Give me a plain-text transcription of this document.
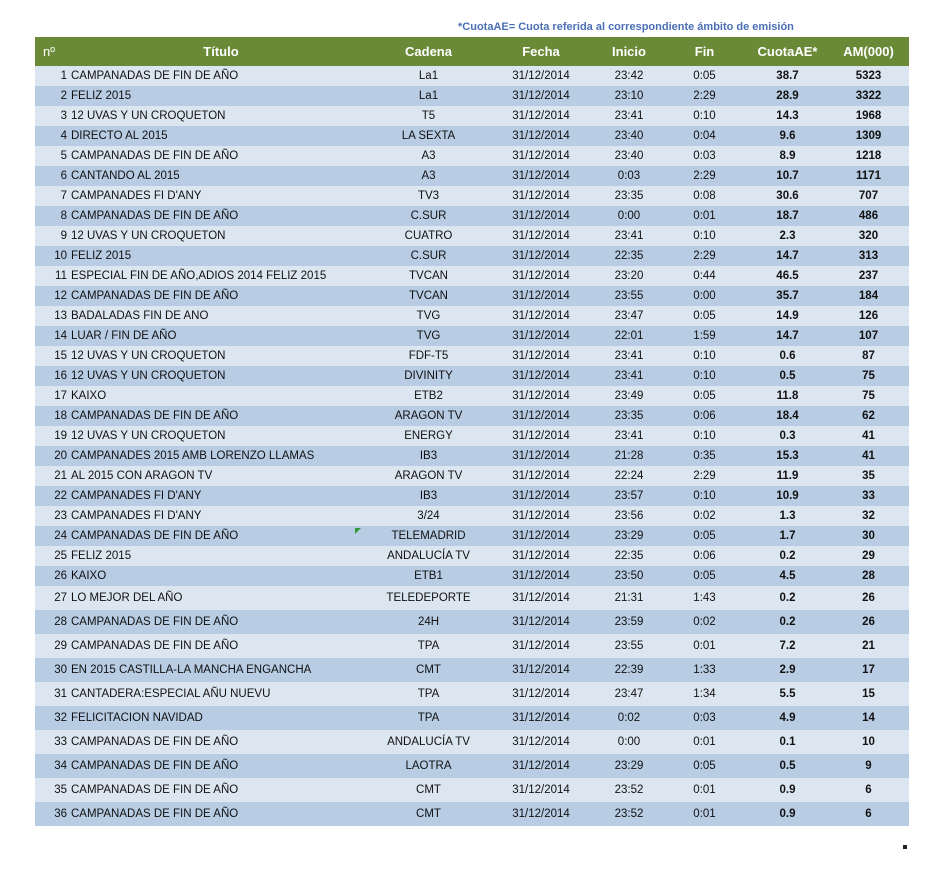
*CuotaAE= Cuota referida al correspondiente ámbito de emisión
nº	Título	Cadena	Fecha	Inicio	Fin	CuotaAE*	AM(000)
1	CAMPANADAS DE FIN DE AÑO	La1	31/12/2014	23:42	0:05	38.7	5323
2	FELIZ 2015	La1	31/12/2014	23:10	2:29	28.9	3322
3	12 UVAS Y UN CROQUETON	T5	31/12/2014	23:41	0:10	14.3	1968
4	DIRECTO AL 2015	LA SEXTA	31/12/2014	23:40	0:04	9.6	1309
5	CAMPANADAS DE FIN DE AÑO	A3	31/12/2014	23:40	0:03	8.9	1218
6	CANTANDO AL 2015	A3	31/12/2014	0:03	2:29	10.7	1171
7	CAMPANADES FI D'ANY	TV3	31/12/2014	23:35	0:08	30.6	707
8	CAMPANADAS DE FIN DE AÑO	C.SUR	31/12/2014	0:00	0:01	18.7	486
9	12 UVAS Y UN CROQUETON	CUATRO	31/12/2014	23:41	0:10	2.3	320
10	FELIZ 2015	C.SUR	31/12/2014	22:35	2:29	14.7	313
11	ESPECIAL FIN DE AÑO,ADIOS 2014 FELIZ 2015	TVCAN	31/12/2014	23:20	0:44	46.5	237
12	CAMPANADAS DE FIN DE AÑO	TVCAN	31/12/2014	23:55	0:00	35.7	184
13	BADALADAS FIN DE ANO	TVG	31/12/2014	23:47	0:05	14.9	126
14	LUAR / FIN DE AÑO	TVG	31/12/2014	22:01	1:59	14.7	107
15	12 UVAS Y UN CROQUETON	FDF-T5	31/12/2014	23:41	0:10	0.6	87
16	12 UVAS Y UN CROQUETON	DIVINITY	31/12/2014	23:41	0:10	0.5	75
17	KAIXO	ETB2	31/12/2014	23:49	0:05	11.8	75
18	CAMPANADAS DE FIN DE AÑO	ARAGON TV	31/12/2014	23:35	0:06	18.4	62
19	12 UVAS Y UN CROQUETON	ENERGY	31/12/2014	23:41	0:10	0.3	41
20	CAMPANADES 2015 AMB LORENZO LLAMAS	IB3	31/12/2014	21:28	0:35	15.3	41
21	AL 2015 CON ARAGON TV	ARAGON TV	31/12/2014	22:24	2:29	11.9	35
22	CAMPANADES FI D'ANY	IB3	31/12/2014	23:57	0:10	10.9	33
23	CAMPANADES FI D'ANY	3/24	31/12/2014	23:56	0:02	1.3	32
24	CAMPANADAS DE FIN DE AÑO	TELEMADRID	31/12/2014	23:29	0:05	1.7	30
25	FELIZ 2015	ANDALUCÍA TV	31/12/2014	22:35	0:06	0.2	29
26	KAIXO	ETB1	31/12/2014	23:50	0:05	4.5	28
27	LO MEJOR DEL AÑO	TELEDEPORTE	31/12/2014	21:31	1:43	0.2	26
28	CAMPANADAS DE FIN DE AÑO	24H	31/12/2014	23:59	0:02	0.2	26
29	CAMPANADAS DE FIN DE AÑO	TPA	31/12/2014	23:55	0:01	7.2	21
30	EN 2015 CASTILLA-LA MANCHA ENGANCHA	CMT	31/12/2014	22:39	1:33	2.9	17
31	CANTADERA:ESPECIAL AÑU NUEVU	TPA	31/12/2014	23:47	1:34	5.5	15
32	FELICITACION NAVIDAD	TPA	31/12/2014	0:02	0:03	4.9	14
33	CAMPANADAS DE FIN DE AÑO	ANDALUCÍA TV	31/12/2014	0:00	0:01	0.1	10
34	CAMPANADAS DE FIN DE AÑO	LAOTRA	31/12/2014	23:29	0:05	0.5	9
35	CAMPANADAS DE FIN DE AÑO	CMT	31/12/2014	23:52	0:01	0.9	6
36	CAMPANADAS DE FIN DE AÑO	CMT	31/12/2014	23:52	0:01	0.9	6
